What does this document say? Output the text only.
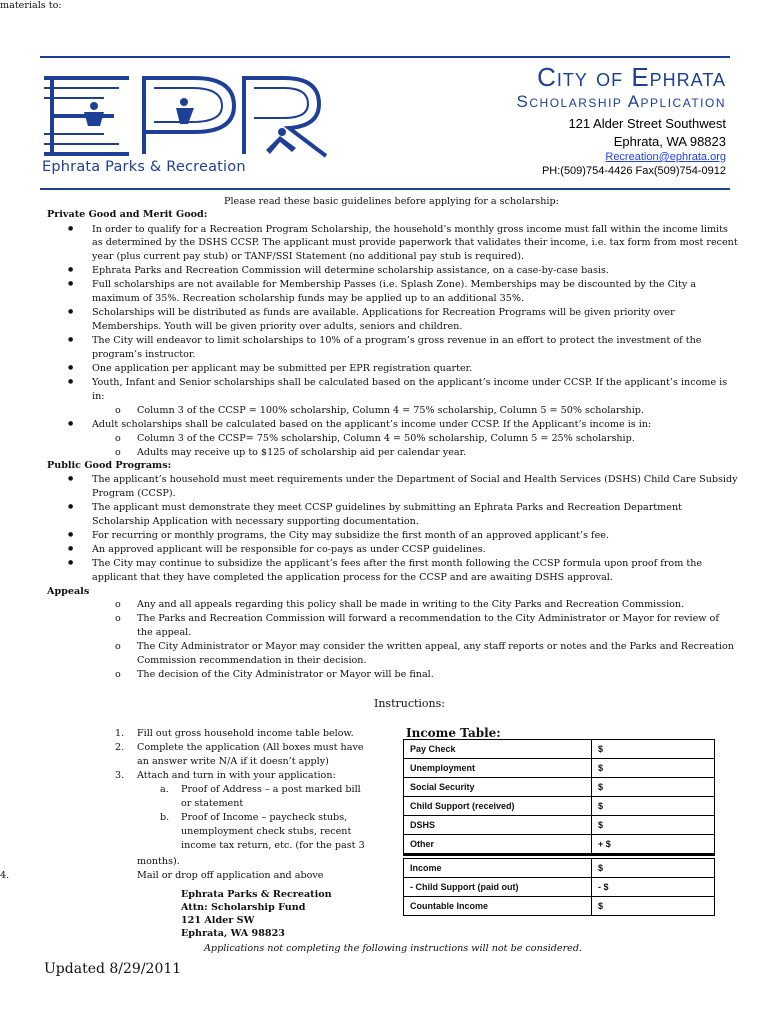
Ephrata Parks & Recreation
City of Ephrata
Scholarship Application
121 Alder Street Southwest
Ephrata, WA 98823
Recreation@ephrata.org
PH:(509)754-4426 Fax(509)754-0912
Please read these basic guidelines before applying for a scholarship:
Private Good and Merit Good:
In order to qualify for a Recreation Program Scholarship, the household’s monthly gross income must fall within the income limits
●
as determined by the DSHS CCSP. The applicant must provide paperwork that validates their income, i.e. tax form from most recent
year (plus current pay stub) or TANF/SSI Statement (no additional pay stub is required).
Ephrata Parks and Recreation Commission will determine scholarship assistance, on a case-by-case basis.
●
Full scholarships are not available for Membership Passes (i.e. Splash Zone). Memberships may be discounted by the City a
●
maximum of 35%. Recreation scholarship funds may be applied up to an additional 35%.
Scholarships will be distributed as funds are available. Applications for Recreation Programs will be given priority over
●
Memberships. Youth will be given priority over adults, seniors and children.
The City will endeavor to limit scholarships to 10% of a program’s gross revenue in an effort to protect the investment of the
●
program’s instructor.
One application per applicant may be submitted per EPR registration quarter.
●
Youth, Infant and Senior scholarships shall be calculated based on the applicant’s income under CCSP. If the applicant’s income is
●
in:
Column 3 of the CCSP = 100% scholarship, Column 4 = 75% scholarship, Column 5 = 50% scholarship.
o
Adult scholarships shall be calculated based on the applicant’s income under CCSP. If the Applicant’s income is in:
●
Column 3 of the CCSP= 75% scholarship, Column 4 = 50% scholarship, Column 5 = 25% scholarship.
o
Adults may receive up to $125 of scholarship aid per calendar year.
o
Public Good Programs:
The applicant’s household must meet requirements under the Department of Social and Health Services (DSHS) Child Care Subsidy
●
Program (CCSP).
The applicant must demonstrate they meet CCSP guidelines by submitting an Ephrata Parks and Recreation Department
●
Scholarship Application with necessary supporting documentation.
For recurring or monthly programs, the City may subsidize the first month of an approved applicant’s fee.
●
An approved applicant will be responsible for co-pays as under CCSP guidelines.
●
The City may continue to subsidize the applicant’s fees after the first month following the CCSP formula upon proof from the
●
applicant that they have completed the application process for the CCSP and are awaiting DSHS approval.
Appeals
Any and all appeals regarding this policy shall be made in writing to the City Parks and Recreation Commission.
o
The Parks and Recreation Commission will forward a recommendation to the City Administrator or Mayor for review of
o
the appeal.
The City Administrator or Mayor may consider the written appeal, any staff reports or notes and the Parks and Recreation
o
Commission recommendation in their decision.
The decision of the City Administrator or Mayor will be final.
o
Instructions:
1. Fill out gross household income table below.
2. Complete the application (All boxes must have
an answer write N/A if it doesn’t apply)
3. Attach and turn in with your application:
a. Proof of Address – a post marked bill
or statement
b. Proof of Income – paycheck stubs,
unemployment check stubs, recent
income tax return, etc. (for the past 3
months).
4.	Mail or drop off application and above
materials to:
Ephrata Parks & Recreation
Attn: Scholarship Fund
121 Alder SW
Ephrata, WA 98823
Income Table:
Pay Check	$
Unemployment	$
Social Security	$
Child Support (received)	$
DSHS	$
Other	+ $

Income	$
- Child Support (paid out)	- $
Countable Income	$
Applications not completing the following instructions will not be considered.
Updated 8/29/2011
